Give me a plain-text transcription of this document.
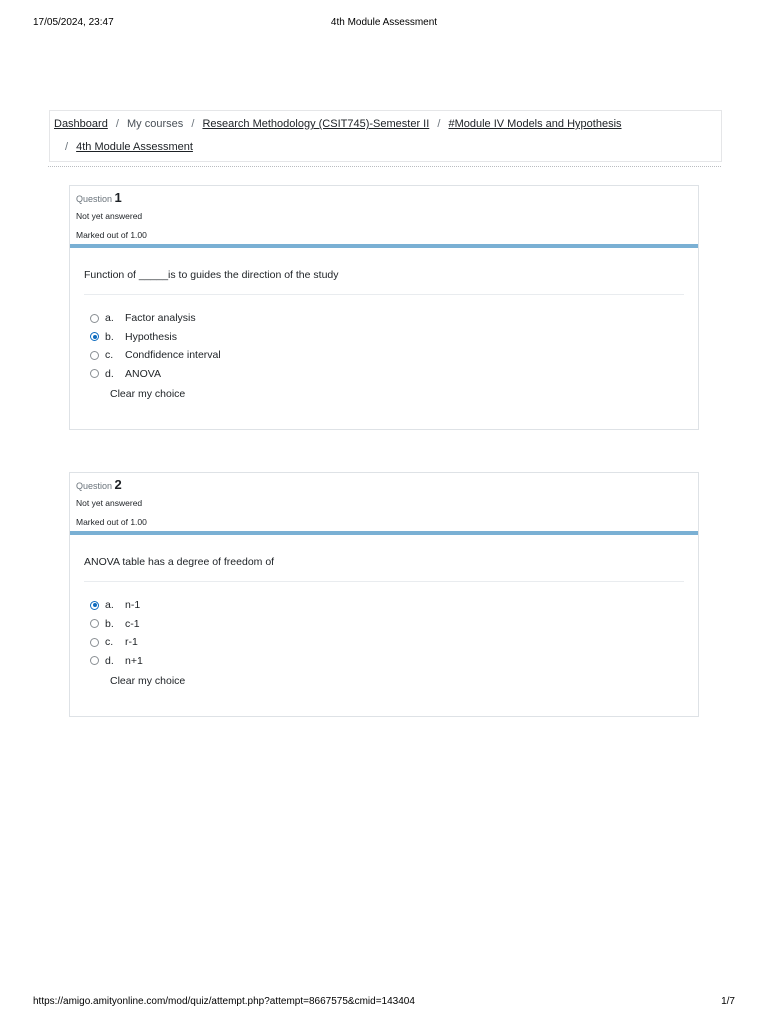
17/05/2024, 23:47	4th Module Assessment
Dashboard / My courses / Research Methodology (CSIT745)-Semester II / #Module IV Models and Hypothesis
/ 4th Module Assessment
Question 1
Not yet answered
Marked out of 1.00
Function of _____is to guides the direction of the study
a.	Factor analysis
b.	Hypothesis
c.	Condfidence interval
d.	ANOVA
Clear my choice
Question 2
Not yet answered
Marked out of 1.00
ANOVA table has a degree of freedom of
a.	n-1
b.	c-1
c.	r-1
d.	n+1
Clear my choice
https://amigo.amityonline.com/mod/quiz/attempt.php?attempt=8667575&cmid=143404	1/7
